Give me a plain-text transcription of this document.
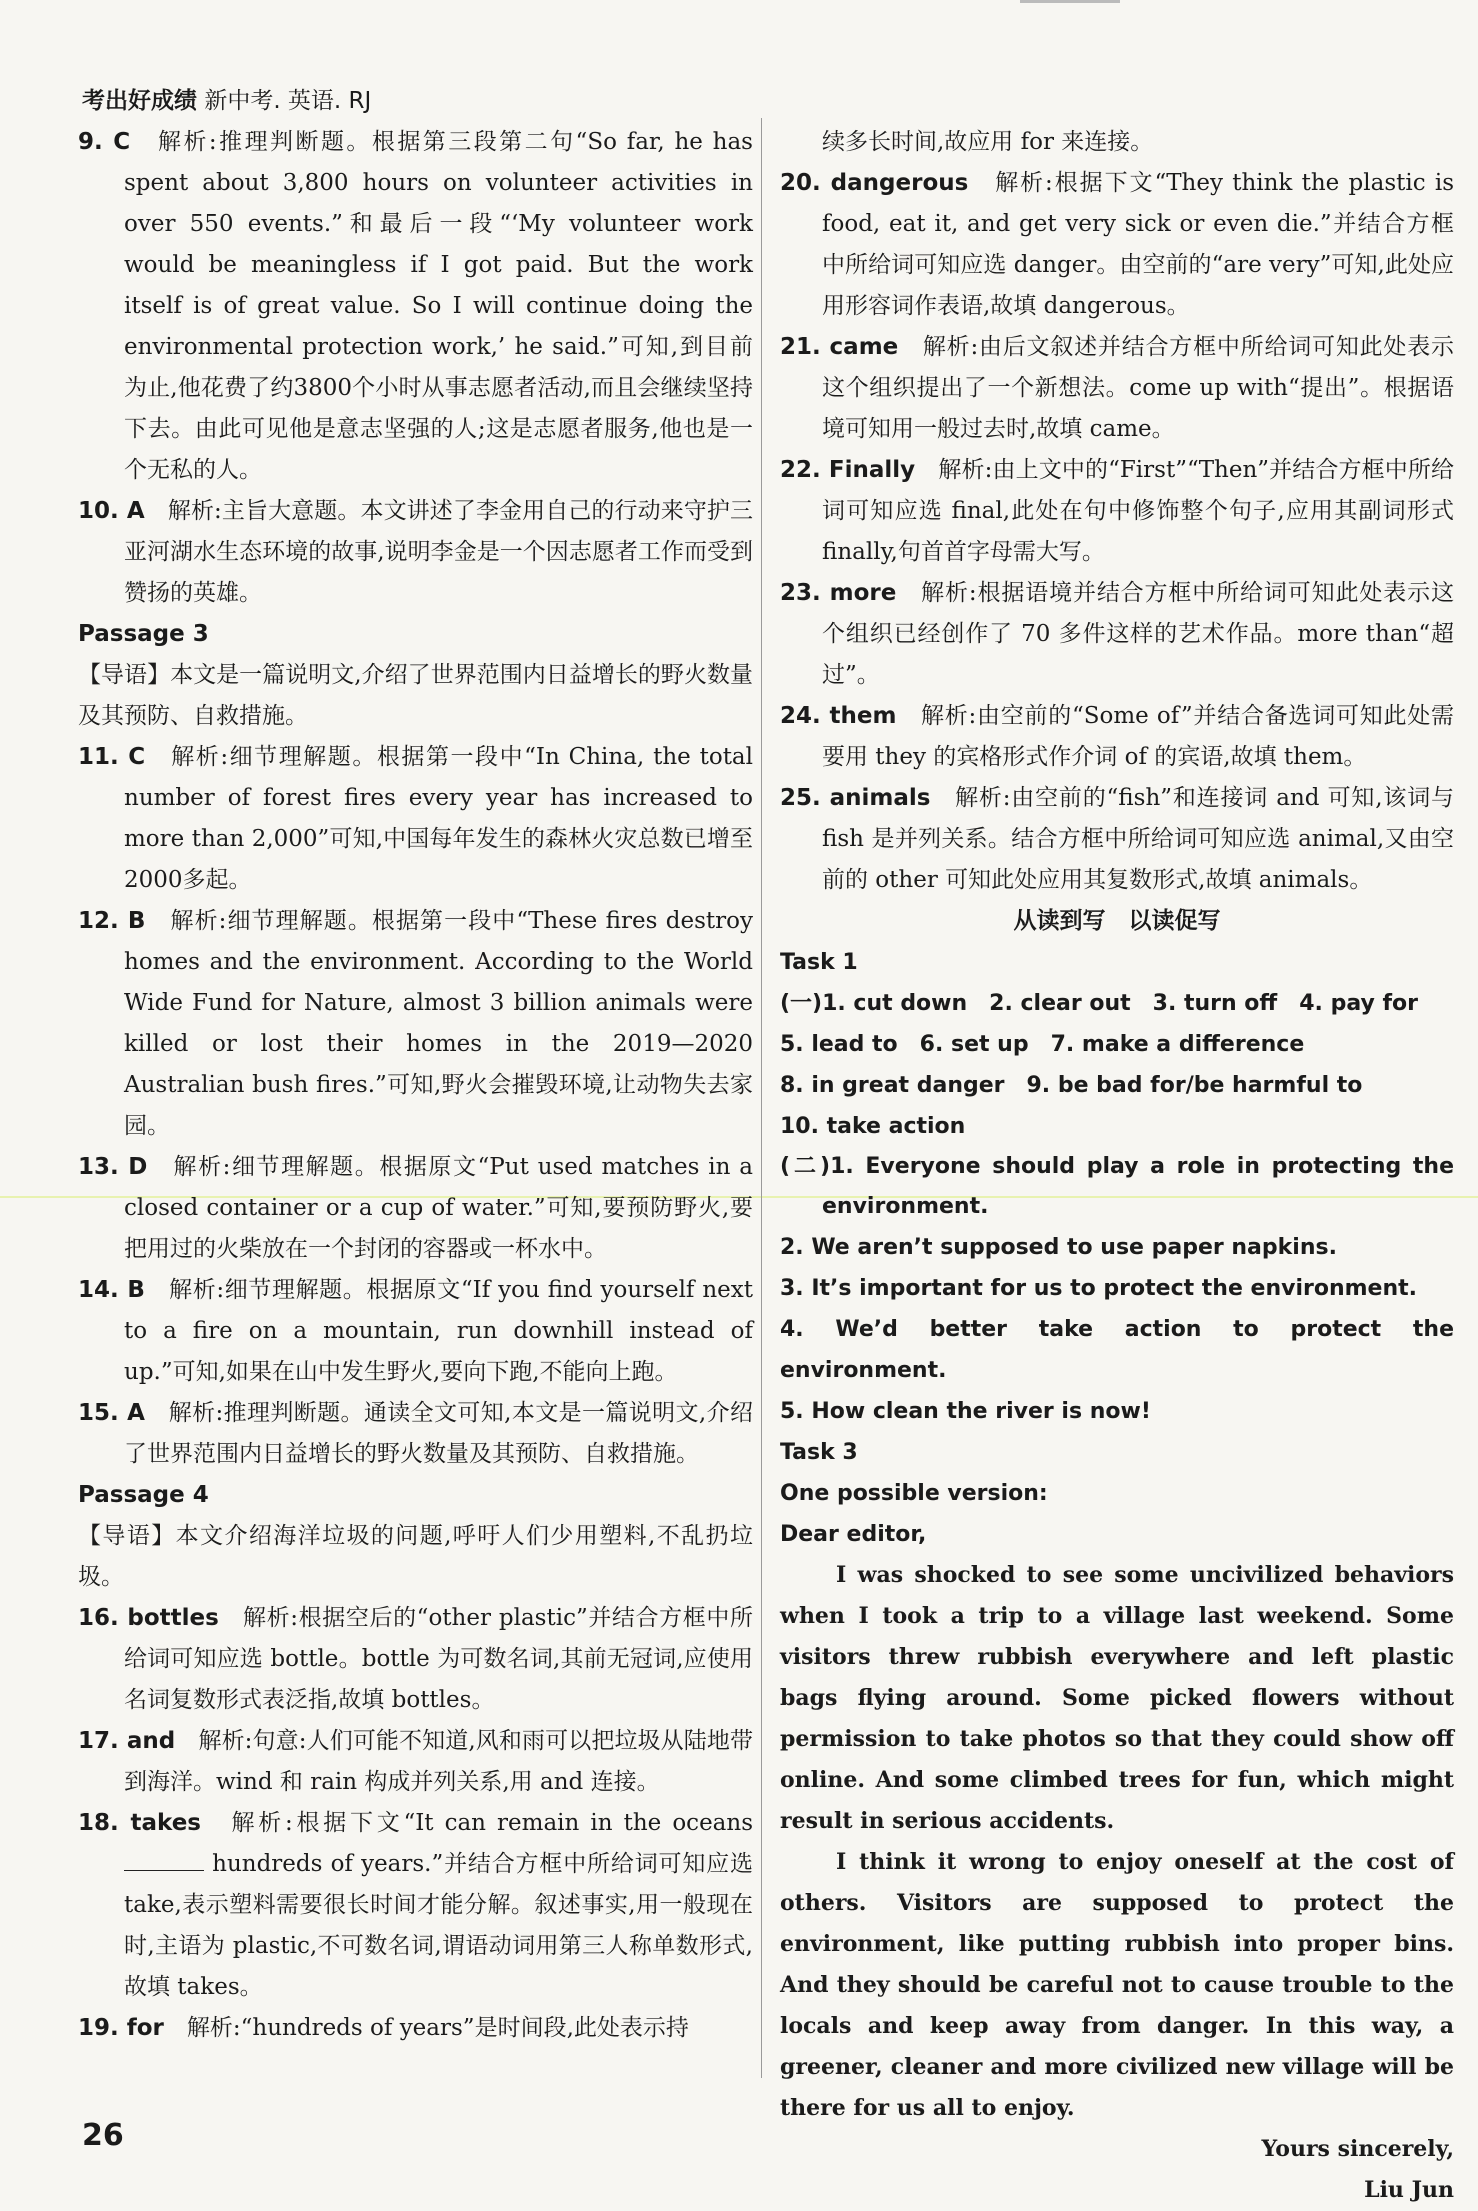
考出好成绩 新中考. 英语. RJ

9. C　 解析:推理判断题。根据第三段第二句“So far, he has spent about 3,800 hours on volunteer activities in over 550 events.”和最后一段“‘My volunteer work would be meaningless if I got paid. But the work itself is of great value. So I will continue doing the environmental protection work,’ he said.”可知,到目前为止,他花费了约3800个小时从事志愿者活动,而且会继续坚持下去。由此可见他是意志坚强的人;这是志愿者服务,他也是一个无私的人。

10. A　 解析:主旨大意题。本文讲述了李金用自己的行动来守护三亚河湖水生态环境的故事,说明李金是一个因志愿者工作而受到赞扬的英雄。

Passage 3

【导语】本文是一篇说明文,介绍了世界范围内日益增长的野火数量及其预防、自救措施。

11. C　 解析:细节理解题。根据第一段中“In China, the total number of forest fires every year has increased to more than 2,000”可知,中国每年发生的森林火灾总数已增至2000多起。

12. B　 解析:细节理解题。根据第一段中“These fires destroy homes and the environment. According to the World Wide Fund for Nature, almost 3 billion animals were killed or lost their homes in the 2019—2020 Australian bush fires.”可知,野火会摧毁环境,让动物失去家园。

13. D　 解析:细节理解题。根据原文“Put used matches in a closed container or a cup of water.”可知,要预防野火,要把用过的火柴放在一个封闭的容器或一杯水中。

14. B　 解析:细节理解题。根据原文“If you find yourself next to a fire on a mountain, run downhill instead of up.”可知,如果在山中发生野火,要向下跑,不能向上跑。

15. A　 解析:推理判断题。通读全文可知,本文是一篇说明文,介绍了世界范围内日益增长的野火数量及其预防、自救措施。

Passage 4

【导语】本文介绍海洋垃圾的问题,呼吁人们少用塑料,不乱扔垃圾。

16. bottles　 解析:根据空后的“other plastic”并结合方框中所给词可知应选 bottle。bottle 为可数名词,其前无冠词,应使用名词复数形式表泛指,故填 bottles。

17. and　 解析:句意:人们可能不知道,风和雨可以把垃圾从陆地带到海洋。wind 和 rain 构成并列关系,用 and 连接。

18. takes　 解析:根据下文“It can remain in the oceans  hundreds of years.”并结合方框中所给词可知应选 take,表示塑料需要很长时间才能分解。叙述事实,用一般现在时,主语为 plastic,不可数名词,谓语动词用第三人称单数形式,故填 takes。

19. for　 解析:“hundreds of years”是时间段,此处表示持

续多长时间,故应用 for 来连接。

20. dangerous　 解析:根据下文“They think the plastic is food, eat it, and get very sick or even die.”并结合方框中所给词可知应选 danger。由空前的“are very”可知,此处应用形容词作表语,故填 dangerous。

21. came　 解析:由后文叙述并结合方框中所给词可知此处表示这个组织提出了一个新想法。come up with“提出”。根据语境可知用一般过去时,故填 came。

22. Finally　 解析:由上文中的“First”“Then”并结合方框中所给词可知应选 final,此处在句中修饰整个句子,应用其副词形式 finally,句首首字母需大写。

23. more　 解析:根据语境并结合方框中所给词可知此处表示这个组织已经创作了 70 多件这样的艺术作品。more than“超过”。

24. them　 解析:由空前的“Some of”并结合备选词可知此处需要用 they 的宾格形式作介词 of 的宾语,故填 them。

25. animals　 解析:由空前的“fish”和连接词 and 可知,该词与 fish 是并列关系。结合方框中所给词可知应选 animal,又由空前的 other 可知此处应用其复数形式,故填 animals。

从读到写　以读促写

Task 1

(一)1. cut down　2. clear out　3. turn off　4. pay for

5. lead to　6. set up　7. make a difference

8. in great danger　9. be bad for/be harmful to

10. take action

(二)1. Everyone should play a role in protecting the environment.

2. We aren’t supposed to use paper napkins.

3. It’s important for us to protect the environment.

4. We’d better take action to protect the environment.

5. How clean the river is now!

Task 3

One possible version:

Dear editor,

I was shocked to see some uncivilized behaviors when I took a trip to a village last weekend. Some visitors threw rubbish everywhere and left plastic bags flying around. Some picked flowers without permission to take photos so that they could show off online. And some climbed trees for fun, which might result in serious accidents.

I think it wrong to enjoy oneself at the cost of others. Visitors are supposed to protect the environment, like putting rubbish into proper bins. And they should be careful not to cause trouble to the locals and keep away from danger. In this way, a greener, cleaner and more civilized new village will be there for us all to enjoy.

Yours sincerely,

Liu Jun

26
